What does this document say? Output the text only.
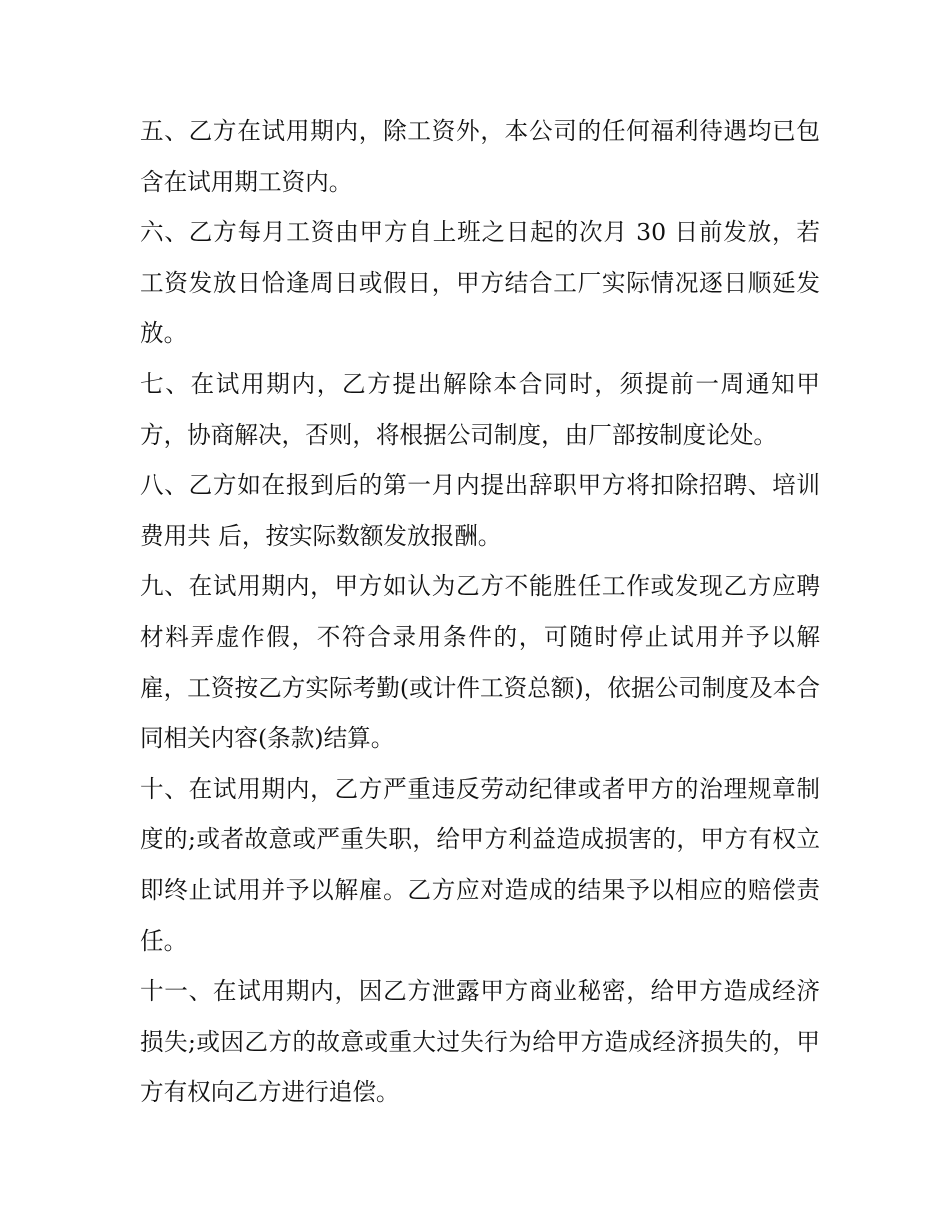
五、乙方在试用期内，除工资外，本公司的任何福利待遇均已包含在试用期工资内。

六、乙方每月工资由甲方自上班之日起的次月 30 日前发放，若工资发放日恰逢周日或假日，甲方结合工厂实际情况逐日顺延发放。

七、在试用期内，乙方提出解除本合同时，须提前一周通知甲方，协商解决，否则，将根据公司制度，由厂部按制度论处。

八、乙方如在报到后的第一月内提出辞职甲方将扣除招聘、培训费用共 后，按实际数额发放报酬。

九、在试用期内，甲方如认为乙方不能胜任工作或发现乙方应聘材料弄虚作假，不符合录用条件的，可随时停止试用并予以解雇，工资按乙方实际考勤(或计件工资总额)，依据公司制度及本合同相关内容(条款)结算。

十、在试用期内，乙方严重违反劳动纪律或者甲方的治理规章制度的;或者故意或严重失职，给甲方利益造成损害的，甲方有权立即终止试用并予以解雇。乙方应对造成的结果予以相应的赔偿责任。

十一、在试用期内，因乙方泄露甲方商业秘密，给甲方造成经济损失;或因乙方的故意或重大过失行为给甲方造成经济损失的，甲方有权向乙方进行追偿。
